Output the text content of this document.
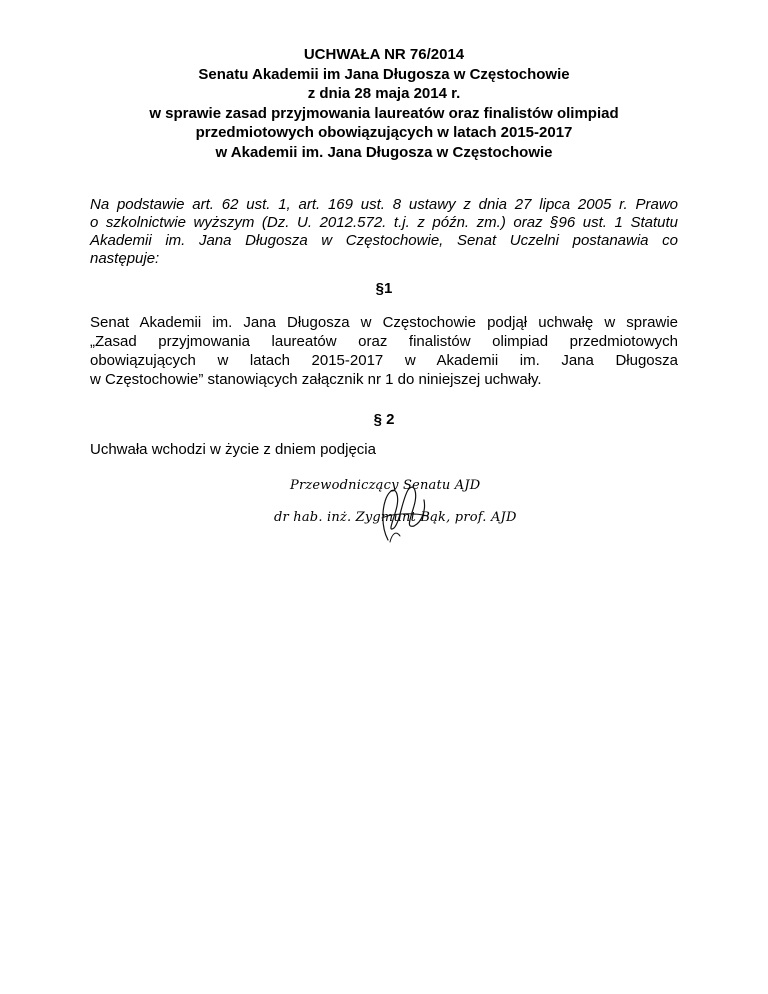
UCHWAŁA NR 76/2014
Senatu Akademii im Jana Długosza w Częstochowie
z dnia 28 maja 2014 r.
w sprawie zasad przyjmowania laureatów oraz finalistów olimpiad
przedmiotowych obowiązujących w latach 2015-2017
w Akademii im. Jana Długosza w Częstochowie
Na podstawie art. 62 ust. 1, art. 169 ust. 8 ustawy z dnia 27 lipca 2005 r. Prawo
o szkolnictwie wyższym (Dz. U. 2012.572. t.j. z późn. zm.) oraz §96 ust. 1 Statutu
Akademii im. Jana Długosza w Częstochowie, Senat Uczelni postanawia co
następuje:
§1
Senat Akademii im. Jana Długosza w Częstochowie podjął uchwałę w sprawie
„Zasad przyjmowania laureatów oraz finalistów olimpiad przedmiotowych
obowiązujących w latach 2015-2017 w Akademii im. Jana Długosza
w Częstochowie” stanowiących załącznik nr 1 do niniejszej uchwały.
§ 2
Uchwała wchodzi w życie z dniem podjęcia
Przewodniczący Senatu AJD
dr hab. inż. Zygmunt Bąk, prof. AJD
